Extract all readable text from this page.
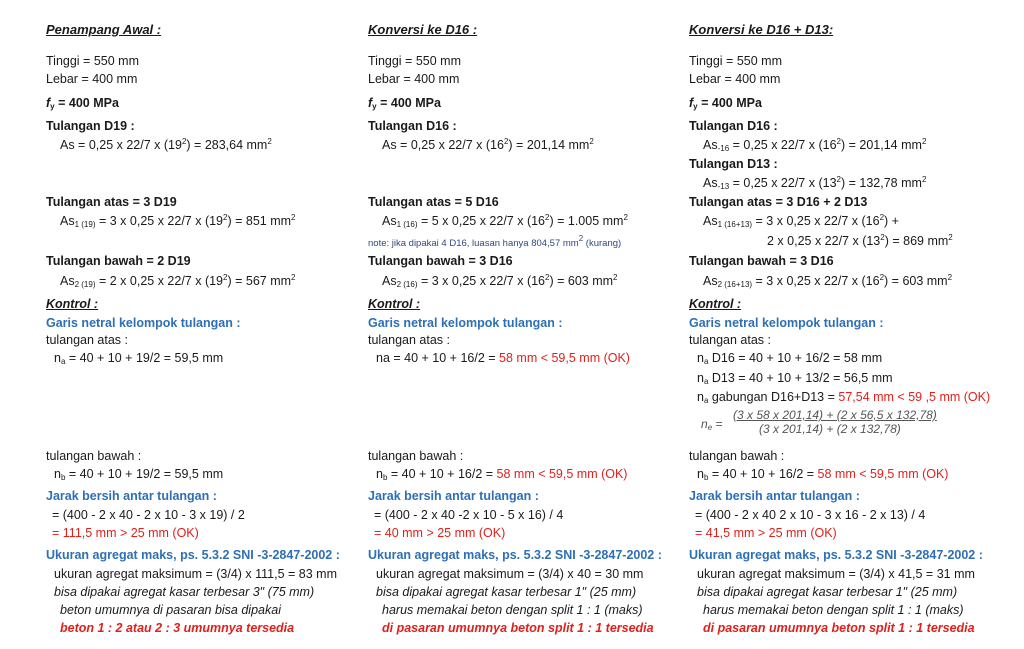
Penampang Awal :
Tinggi = 550 mm
Lebar = 400 mm
$f_y = 400$ MPa
Tulangan D19 :
As = 0,25 x 22/7 x $(19^2) = 283,64$ $mm^2$
Tulangan atas = 3 D19
$As_{1 (19)} = 3$ x 0,25 x 22/7 x $(19^2) = 851$ $mm^2$
Tulangan bawah = 2 D19
$As_{2 (19)} = 2$ x 0,25 x 22/7 x $(19^2) = 567$ $mm^2$
Kontrol :
Garis netral kelompok tulangan :
tulangan atas :
$n_a = 40 + 10 + 19/2 = 59,5$ mm
tulangan bawah :
$n_b = 40 + 10 + 19/2 = 59,5$ mm
Jarak bersih antar tulangan :
= (400 - 2 x 40 - 2 x 10 - 3 x 19) / 2
= 111,5 mm > 25 mm (OK)
Ukuran agregat maks, ps. 5.3.2 SNI -3-2847-2002 :
ukuran agregat maksimum = (3/4) x 111,5 = 83 mm
bisa dipakai agregat kasar terbesar 3" (75 mm)
beton umumnya di pasaran bisa dipakai
beton 1 : 2 atau 2 : 3 umumnya tersedia
Konversi ke D16 :
Tinggi = 550 mm
Lebar = 400 mm
$f_y = 400$ MPa
Tulangan D16 :
As = 0,25 x 22/7 x $(16^2) = 201,14$ $mm^2$
Tulangan atas = 5 D16
$As_{1 (16)} = 5$ x 0,25 x 22/7 x $(16^2) = 1.005$ $mm^2$
note: jika dipakai 4 D16, luasan hanya 804,57 $mm^2$ (kurang)
Tulangan bawah = 3 D16
$As_{2 (16)} = 3$ x 0,25 x 22/7 x $(16^2) = 603$ $mm^2$
Kontrol :
Garis netral kelompok tulangan :
tulangan atas :
na = 40 + 10 + 16/2 = 58 mm < 59,5 mm (OK)
tulangan bawah :
$n_b = 40 + 10 + 16/2 = 58$ mm < 59,5 mm (OK)
Jarak bersih antar tulangan :
= (400 - 2 x 40 -2 x 10 - 5 x 16) / 4
= 40 mm > 25 mm (OK)
Ukuran agregat maks, ps. 5.3.2 SNI -3-2847-2002 :
ukuran agregat maksimum = (3/4) x 40 = 30 mm
bisa dipakai agregat kasar terbesar 1" (25 mm)
harus memakai beton dengan split 1 : 1 (maks)
di pasaran umumnya beton split 1 : 1 tersedia
Konversi ke D16 + D13:
Tinggi = 550 mm
Lebar = 400 mm
$f_y = 400$ MPa
Tulangan D16 :
$As_{-16} = 0,25$ x 22/7 x $(16^2) = 201,14$ $mm^2$
Tulangan D13 :
$As_{-13} = 0,25$ x 22/7 x $(13^2) = 132,78$ $mm^2$
Tulangan atas = 3 D16 + 2 D13
$As_{1 (16+13)} = 3$ x 0,25 x 22/7 x $(16^2)$ +
2 x 0,25 x 22/7 x $(13^2) = 869$ $mm^2$
Tulangan bawah = 3 D16
$As_{2 (16+13)} = 3$ x 0,25 x 22/7 x $(16^2) = 603$ $mm^2$
Kontrol :
Garis netral kelompok tulangan :
tulangan atas :
$n_a$ D16 = 40 + 10 + 16/2 = 58 mm
$n_a$ D13 = 40 + 10 + 13/2 = 56,5 mm
$n_a$ gabungan D16+D13 = 57,54 mm < 59 ,5 mm (OK)
$n_e$ =
(3 x 58 x 201,14) + (2 x 56,5 x 132,78)
(3 x 201,14) + (2 x 132,78)
tulangan bawah :
$n_b = 40 + 10 + 16/2 = 58$ mm < 59,5 mm (OK)
Jarak bersih antar tulangan :
= (400 - 2 x 40 2 x 10 - 3 x 16 - 2 x 13) / 4
= 41,5 mm > 25 mm (OK)
Ukuran agregat maks, ps. 5.3.2 SNI -3-2847-2002 :
ukuran agregat maksimum = (3/4) x 41,5 = 31 mm
bisa dipakai agregat kasar terbesar 1" (25 mm)
harus memakai beton dengan split 1 : 1 (maks)
di pasaran umumnya beton split 1 : 1 tersedia
